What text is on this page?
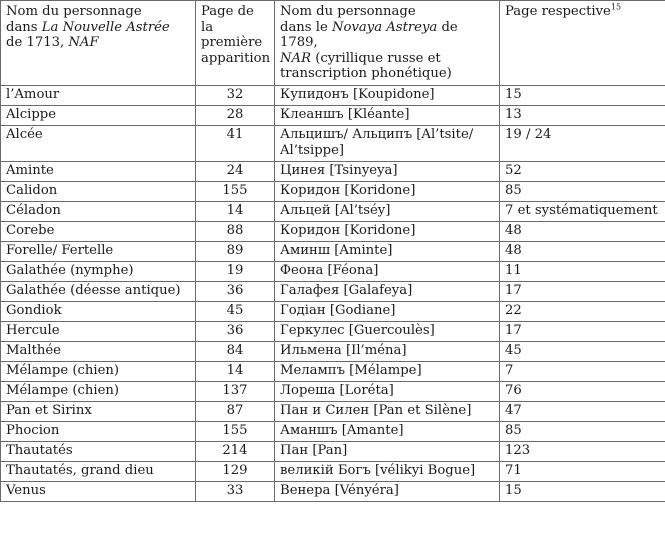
Nom du personnage
dans La Nouvelle Astrée
de 1713, NAF	Page de la
première
apparition	Nom du personnage
dans le Novaya Astreya de 1789,
NAR (cyrillique russe et
transcription phonétique)	Page respective$^{15}$
l’Amour	32	Купидонъ [Koupidone]	15
Alcippe	28	Клеаншъ [Kléante]	13
Alcée	41	Альцишъ/ Альципъ [Al’tsite/ Al’tsippe]	19 / 24
Aminte	24	Цинея [Tsinyeya]	52
Calidon	155	Коридон [Koridone]	85
Céladon	14	Альцей [Al’tséy]	7 et systématiquement
Corebe	88	Коридон [Koridone]	48
Forelle/ Fertelle	89	Аминш [Aminte]	48
Galathée (nymphe)	19	Феона [Féona]	11
Galathée (déesse antique)	36	Галафея [Galafeya]	17
Gondiok	45	Годіан [Godiane]	22
Hercule	36	Геркулес [Guercoulès]	17
Malthée	84	Ильмена [Il’ména]	45
Mélampe (chien)	14	Мелампъ [Mélampe]	7
Mélampe (chien)	137	Лореша [Loréta]	76
Pan et Sirinx	87	Пан и Силен [Pan et Silène]	47
Phocion	155	Аманшъ [Amante]	85
Thautatés	214	Пан [Pan]	123
Thautatés, grand dieu	129	великій Богъ [vélikyi Bogue]	71
Venus	33	Венера [Vényéra]	15
